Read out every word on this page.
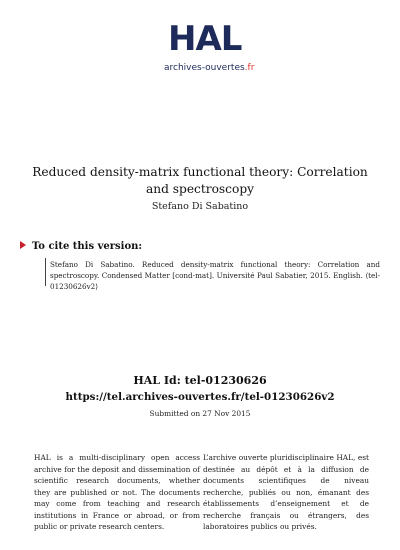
HAL
archives-ouvertes.fr
Reduced density-matrix functional theory: Correlation and spectroscopy
Stefano Di Sabatino
To cite this version:
Stefano Di Sabatino. Reduced density-matrix functional theory: Correlation and spectroscopy. Condensed Matter [cond-mat]. Université Paul Sabatier, 2015. English. ⟨tel-01230626v2⟩
HAL Id: tel-01230626
https://tel.archives-ouvertes.fr/tel-01230626v2
Submitted on 27 Nov 2015
HAL is a multi-disciplinary open access archive for the deposit and dissemination of scientific research documents, whether they are published or not. The documents may come from teaching and research institutions in France or abroad, or from public or private research centers.
L’archive ouverte pluridisciplinaire HAL, est destinée au dépôt et à la diffusion de documents scientifiques de niveau recherche, publiés ou non, émanant des établissements d’enseignement et de recherche français ou étrangers, des laboratoires publics ou privés.
